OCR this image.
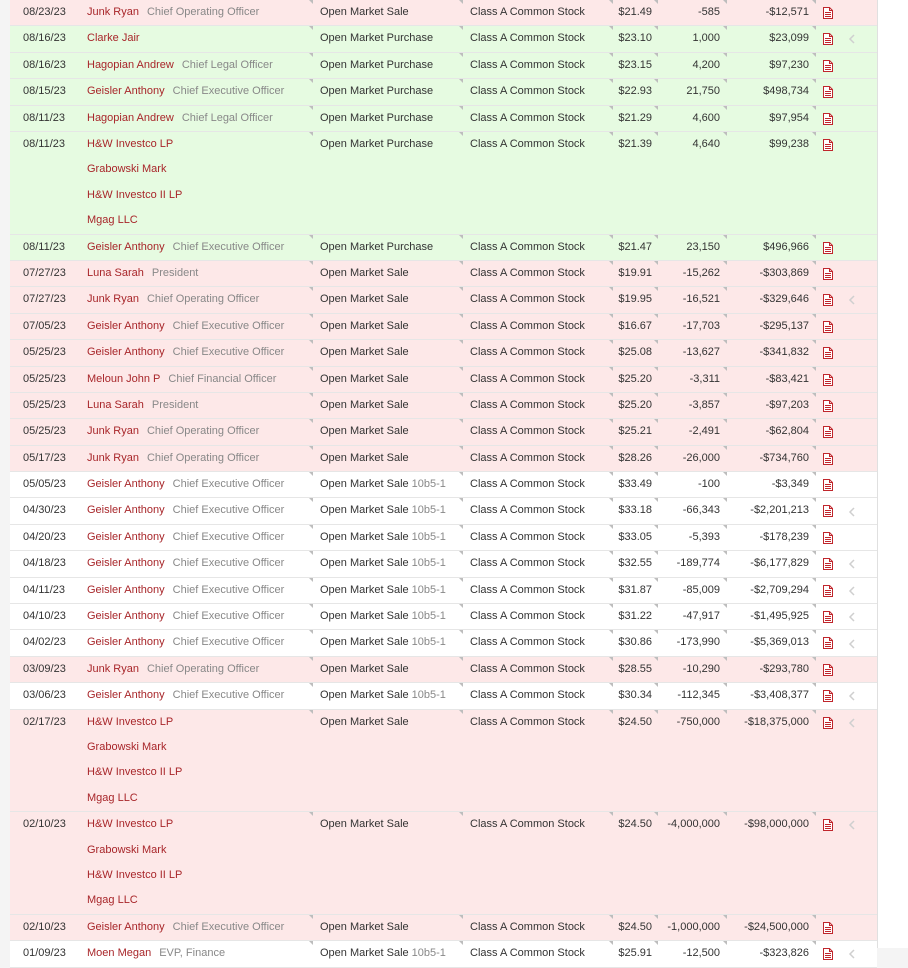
08/23/23 Junk Ryan Chief Operating Officer	Open Market Sale	Class A Common Stock	$21.49	-585	-$12,571
08/16/23 Clarke Jair	Open Market Purchase	Class A Common Stock	$23.10	1,000	$23,099
08/16/23 Hagopian Andrew Chief Legal Officer	Open Market Purchase	Class A Common Stock	$23.15	4,200	$97,230
08/15/23 Geisler Anthony Chief Executive Officer	Open Market Purchase	Class A Common Stock	$22.93	21,750	$498,734
08/11/23 Hagopian Andrew Chief Legal Officer	Open Market Purchase	Class A Common Stock	$21.29	4,600	$97,954
08/11/23 H&W Investco LP	Open Market Purchase	Class A Common Stock	$21.39	4,640	$99,238
Grabowski Mark
H&W Investco II LP
Mgag LLC
08/11/23 Geisler Anthony Chief Executive Officer	Open Market Purchase	Class A Common Stock	$21.47	23,150	$496,966
07/27/23 Luna Sarah President	Open Market Sale	Class A Common Stock	$19.91	-15,262	-$303,869
07/27/23 Junk Ryan Chief Operating Officer	Open Market Sale	Class A Common Stock	$19.95	-16,521	-$329,646
07/05/23 Geisler Anthony Chief Executive Officer	Open Market Sale	Class A Common Stock	$16.67	-17,703	-$295,137
05/25/23 Geisler Anthony Chief Executive Officer	Open Market Sale	Class A Common Stock	$25.08	-13,627	-$341,832
05/25/23 Meloun John P Chief Financial Officer	Open Market Sale	Class A Common Stock	$25.20	-3,311	-$83,421
05/25/23 Luna Sarah President	Open Market Sale	Class A Common Stock	$25.20	-3,857	-$97,203
05/25/23 Junk Ryan Chief Operating Officer	Open Market Sale	Class A Common Stock	$25.21	-2,491	-$62,804
05/17/23 Junk Ryan Chief Operating Officer	Open Market Sale	Class A Common Stock	$28.26	-26,000	-$734,760
05/05/23 Geisler Anthony Chief Executive Officer	Open Market Sale 10b5-1 Class A Common Stock	$33.49	-100	-$3,349
04/30/23 Geisler Anthony Chief Executive Officer	Open Market Sale 10b5-1 Class A Common Stock	$33.18	-66,343	-$2,201,213
04/20/23 Geisler Anthony Chief Executive Officer	Open Market Sale 10b5-1 Class A Common Stock	$33.05	-5,393	-$178,239
04/18/23 Geisler Anthony Chief Executive Officer	Open Market Sale 10b5-1 Class A Common Stock	$32.55 -189,774	-$6,177,829
04/11/23 Geisler Anthony Chief Executive Officer	Open Market Sale 10b5-1 Class A Common Stock	$31.87	-85,009	-$2,709,294
04/10/23 Geisler Anthony Chief Executive Officer	Open Market Sale 10b5-1 Class A Common Stock	$31.22	-47,917	-$1,495,925
04/02/23 Geisler Anthony Chief Executive Officer	Open Market Sale 10b5-1 Class A Common Stock	$30.86 -173,990	-$5,369,013
03/09/23 Junk Ryan Chief Operating Officer	Open Market Sale	Class A Common Stock	$28.55	-10,290	-$293,780
03/06/23 Geisler Anthony Chief Executive Officer	Open Market Sale 10b5-1 Class A Common Stock	$30.34 -112,345	-$3,408,377
02/17/23 H&W Investco LP	Open Market Sale	Class A Common Stock	$24.50 -750,000 -$18,375,000
Grabowski Mark
H&W Investco II LP
Mgag LLC
02/10/23 H&W Investco LP	Open Market Sale	Class A Common Stock	$24.50 -4,000,000 -$98,000,000
Grabowski Mark
H&W Investco II LP
Mgag LLC
02/10/23 Geisler Anthony Chief Executive Officer	Open Market Sale	Class A Common Stock	$24.50 -1,000,000 -$24,500,000
01/09/23 Moen Megan EVP, Finance	Open Market Sale 10b5-1 Class A Common Stock	$25.91	-12,500	-$323,826
